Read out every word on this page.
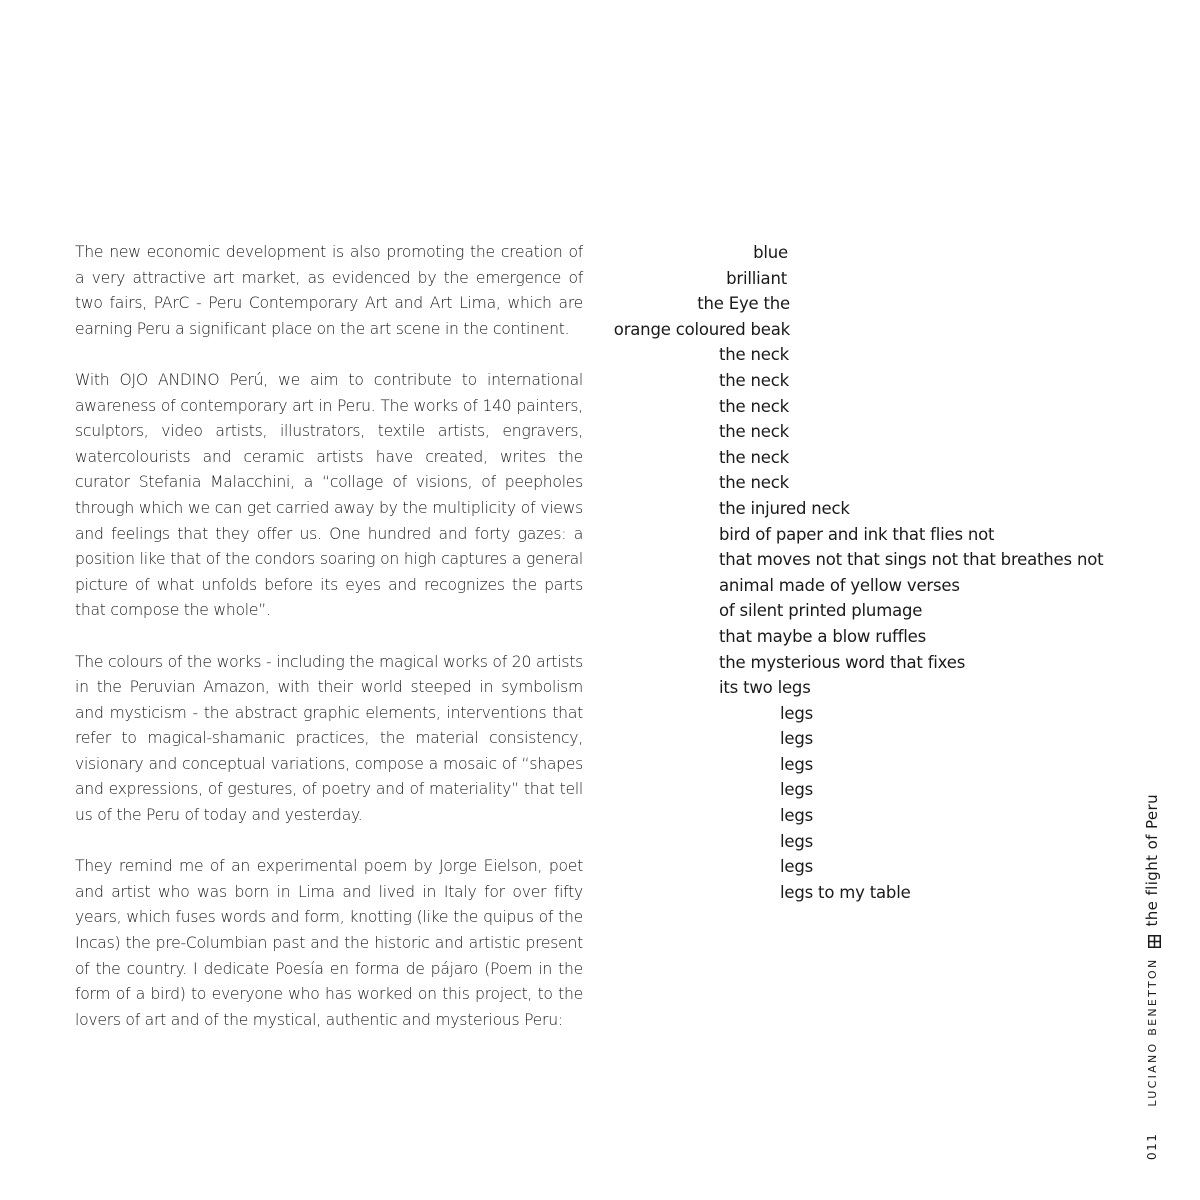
The new economic development is also promoting the creation of a very attractive art market, as evidenced by the emergence of two fairs, PArC - Peru Contemporary Art and Art Lima, which are earning Peru a significant place on the art scene in the continent.

With OJO ANDINO Perú, we aim to contribute to international awareness of contemporary art in Peru. The works of 140 painters, sculptors, video artists, illustrators, textile artists, engravers, watercolourists and ceramic artists have created, writes the curator Stefania Malacchini, a “collage of visions, of peepholes through which we can get carried away by the multiplicity of views and feelings that they offer us. One hundred and forty gazes: a position like that of the condors soaring on high captures a general picture of what unfolds before its eyes and recognizes the parts that compose the whole”.

The colours of the works - including the magical works of 20 artists in the Peruvian Amazon, with their world steeped in symbolism and mysticism - the abstract graphic elements, interventions that refer to magical-shamanic practices, the material consistency, visionary and conceptual variations, compose a mosaic of “shapes and expressions, of gestures, of poetry and of materiality” that tell us of the Peru of today and yesterday.

They remind me of an experimental poem by Jorge Eielson, poet and artist who was born in Lima and lived in Italy for over fifty years, which fuses words and form, knotting (like the quipus of the Incas) the pre-Columbian past and the historic and artistic present of the country. I dedicate Poesía en forma de pájaro (Poem in the form of a bird) to everyone who has worked on this project, to the lovers of art and of the mystical, authentic and mysterious Peru:

blue
brilliant
the Eye the
orange coloured beak
the neck
the neck
the neck
the neck
the neck
the neck
the injured neck
bird of paper and ink that flies not
that moves not that sings not that breathes not
animal made of yellow verses
of silent printed plumage
that maybe a blow ruffles
the mysterious word that fixes
its two legs
legs
legs
legs
legs
legs
legs
legs
legs to my table
011
LUCIANO BENETTON
the flight of Peru
